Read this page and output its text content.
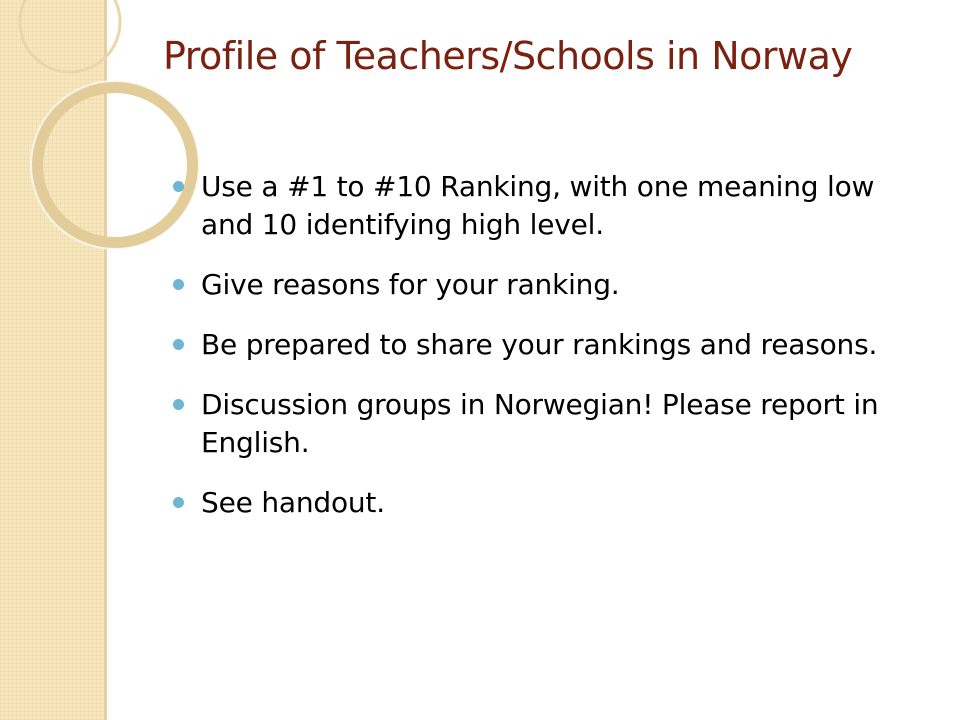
Profile of Teachers/Schools in Norway
Use a #1 to #10 Ranking, with one meaning low and 10 identifying high level.
Give reasons for your ranking.
Be prepared to share your rankings and reasons.
Discussion groups in Norwegian! Please report in English.
See handout.
